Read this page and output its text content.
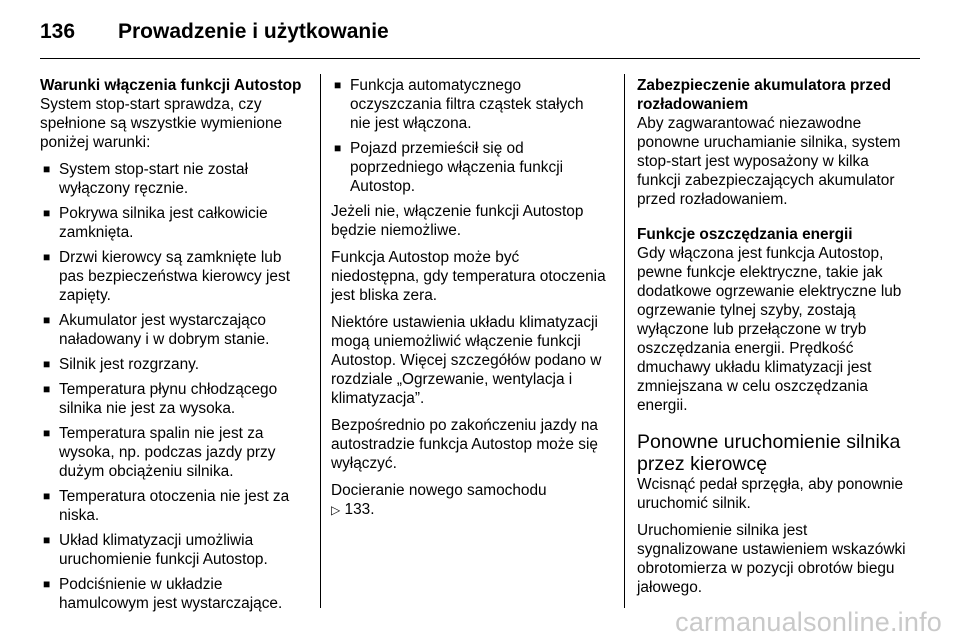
136	Prowadzenie i użytkowanie

Warunki włączenia funkcji Autostop

System stop-start sprawdza, czy spełnione są wszystkie wymienione poniżej warunki:

■ System stop-start nie został wyłączony ręcznie.
■ Pokrywa silnika jest całkowicie zamknięta.
■ Drzwi kierowcy są zamknięte lub pas bezpieczeństwa kierowcy jest zapięty.
■ Akumulator jest wystarczająco naładowany i w dobrym stanie.
■ Silnik jest rozgrzany.
■ Temperatura płynu chłodzącego silnika nie jest za wysoka.
■ Temperatura spalin nie jest za wysoka, np. podczas jazdy przy dużym obciążeniu silnika.
■ Temperatura otoczenia nie jest za niska.
■ Układ klimatyzacji umożliwia uruchomienie funkcji Autostop.
■ Podciśnienie w układzie hamulcowym jest wystarczające.
■ Funkcja automatycznego oczyszczania filtra cząstek stałych nie jest włączona.
■ Pojazd przemieścił się od poprzedniego włączenia funkcji Autostop.

Jeżeli nie, włączenie funkcji Autostop będzie niemożliwe.

Funkcja Autostop może być niedostępna, gdy temperatura otoczenia jest bliska zera.

Niektóre ustawienia układu klimatyzacji mogą uniemożliwić włączenie funkcji Autostop. Więcej szczegółów podano w rozdziale „Ogrzewanie, wentylacja i klimatyzacja”.

Bezpośrednio po zakończeniu jazdy na autostradzie funkcja Autostop może się wyłączyć.

Docieranie nowego samochodu
▷ 133.

Zabezpieczenie akumulatora przed rozładowaniem

Aby zagwarantować niezawodne ponowne uruchamianie silnika, system stop-start jest wyposażony w kilka funkcji zabezpieczających akumulator przed rozładowaniem.

Funkcje oszczędzania energii

Gdy włączona jest funkcja Autostop, pewne funkcje elektryczne, takie jak dodatkowe ogrzewanie elektryczne lub ogrzewanie tylnej szyby, zostają wyłączone lub przełączone w tryb oszczędzania energii. Prędkość dmuchawy układu klimatyzacji jest zmniejszana w celu oszczędzania energii.

Ponowne uruchomienie silnika przez kierowcę

Wcisnąć pedał sprzęgła, aby ponownie uruchomić silnik.

Uruchomienie silnika jest sygnalizowane ustawieniem wskazówki obrotomierza w pozycji obrotów biegu jałowego.

carmanualsonline.info
